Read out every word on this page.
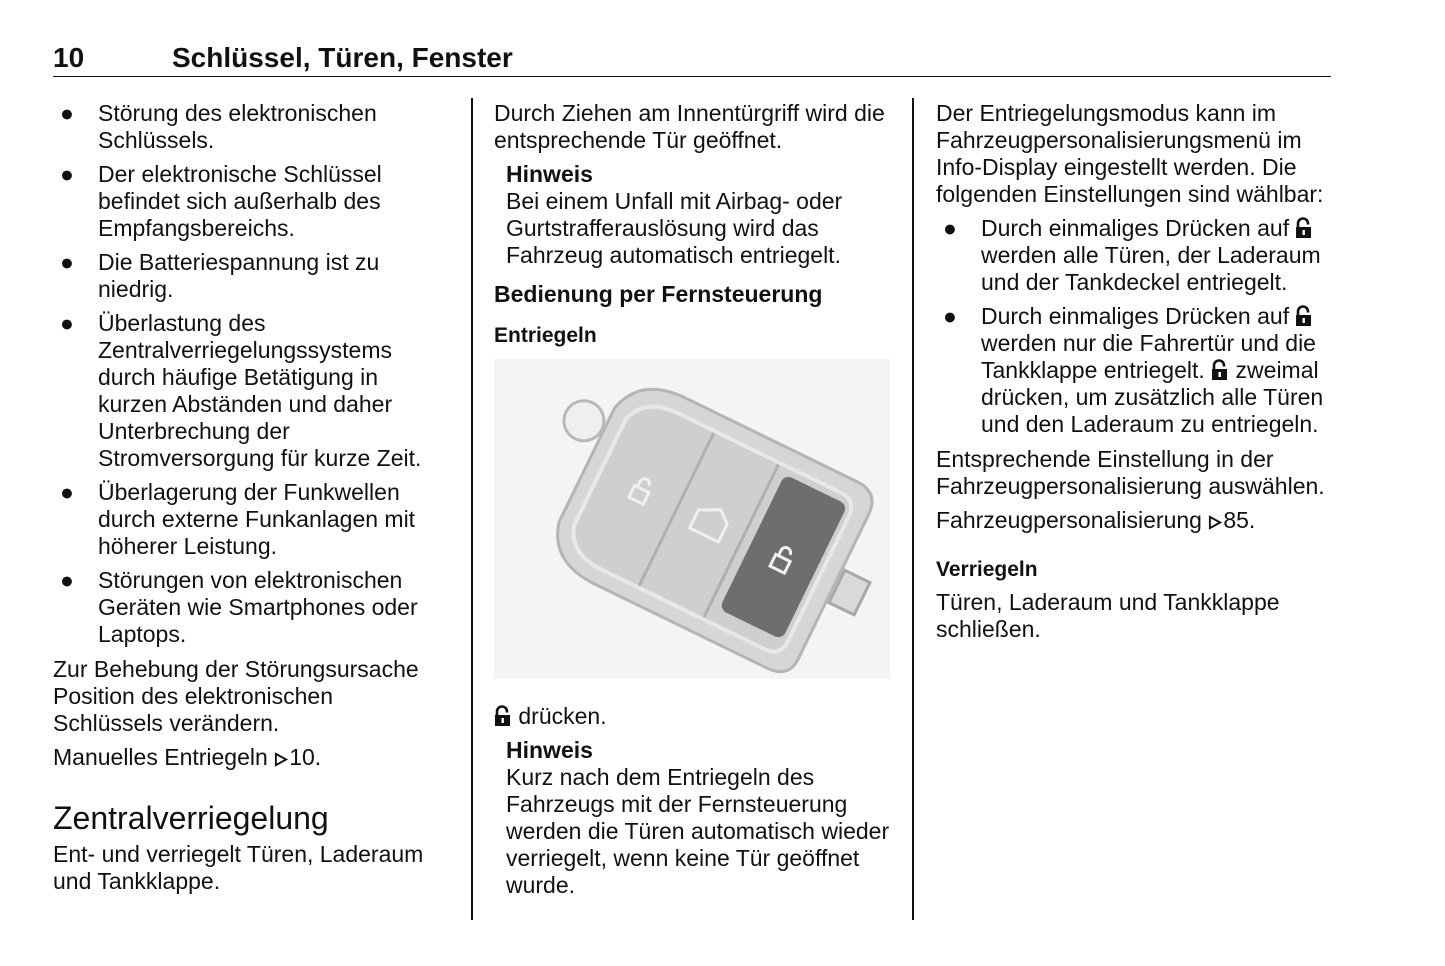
10	Schlüssel, Türen, Fenster
● Störung des elektronischen Schlüssels.
● Der elektronische Schlüssel befindet sich außerhalb des Empfangsbereichs.
● Die Batteriespannung ist zu niedrig.
● Überlastung des Zentralverriegelungssystems durch häufige Betätigung in kurzen Abständen und daher Unterbrechung der Stromversorgung für kurze Zeit.
● Überlagerung der Funkwellen durch externe Funkanlagen mit höherer Leistung.
● Störungen von elektronischen Geräten wie Smartphones oder Laptops.

Zur Behebung der Störungsursache Position des elektronischen Schlüssels verändern.

Manuelles Entriegeln 10.

Zentralverriegelung

Ent- und verriegelt Türen, Laderaum und Tankklappe.

Durch Ziehen am Innentürgriff wird die entsprechende Tür geöffnet.

Hinweis
Bei einem Unfall mit Airbag- oder Gurtstrafferauslösung wird das Fahrzeug automatisch entriegelt.
Bedienung per Fernsteuerung
Entriegeln

drücken.

Hinweis
Kurz nach dem Entriegeln des Fahrzeugs mit der Fernsteuerung werden die Türen automatisch wieder verriegelt, wenn keine Tür geöffnet wurde.

Der Entriegelungsmodus kann im Fahrzeugpersonalisierungsmenü im Info-Display eingestellt werden. Die folgenden Einstellungen sind wählbar:

● Durch einmaliges Drücken auf  werden alle Türen, der Laderaum und der Tankdeckel entriegelt.
● Durch einmaliges Drücken auf  werden nur die Fahrertür und die Tankklappe entriegelt. zweimal drücken, um zusätzlich alle Türen und den Laderaum zu entriegeln.

Entsprechende Einstellung in der Fahrzeugpersonalisierung auswählen.

Fahrzeugpersonalisierung 85.

Verriegeln

Türen, Laderaum und Tankklappe schließen.
